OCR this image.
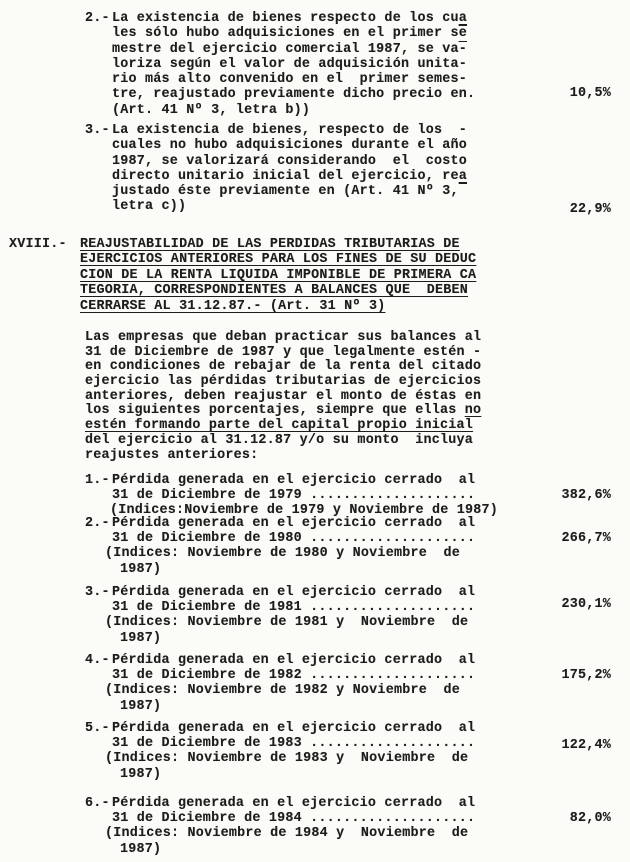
2.- La existencia de bienes respecto de los cua
les sólo hubo adquisiciones en el primer $s\overline{e}$
mestre del ejercicio comercial 1987, se va-
loriza según el valor de adquisición unita-
rio más alto convenido en el  primer semes-
tre, reajustado previamente dicho precio en.
(Art. 41 Nº 3, letra b))
10,5%
3.- La existencia de bienes, respecto de los  -
cuales no hubo adquisiciones durante el año
1987, se valorizará considerando  el  costo
directo unitario inicial del ejercicio, rea
justado éste previamente en (Art. 41 Nº 3,
letra c))	22,9%
XVIII.- REAJUSTABILIDAD DE LAS PERDIDAS TRIBUTARIAS DE
EJERCICIOS ANTERIORES PARA LOS FINES DE SU DEDUC
CION DE LA RENTA LIQUIDA IMPONIBLE DE PRIMERA CA
TEGORIA, CORRESPONDIENTES A BALANCES QUE  DEBEN
CERRARSE AL 31.12.87.- (Art. 31 Nº 3)
Las empresas que deban practicar sus balances al
31 de Diciembre de 1987 y que legalmente estén -
en condiciones de rebajar de la renta del citado
ejercicio las pérdidas tributarias de ejercicios
anteriores, deben reajustar el monto de éstas en
los siguientes porcentajes, siempre que ellas no
estén formando parte del capital propio inicial
del ejercicio al 31.12.87 y/o su monto  incluya
reajustes anteriores:
1.- Pérdida generada en el ejercicio cerrado  al
31 de Diciembre de 1979 ....................
(Indices:Noviembre de 1979 y Noviembre de 1987)
382,6%
2.- Pérdida generada en el ejercicio cerrado  al
31 de Diciembre de 1980 ....................
(Indices: Noviembre de 1980 y Noviembre  de
1987)
266,7%
3.- Pérdida generada en el ejercicio cerrado  al
31 de Diciembre de 1981 ....................
(Indices: Noviembre de 1981 y  Noviembre  de
1987)
230,1%
4.- Pérdida generada en el ejercicio cerrado  al
31 de Diciembre de 1982 ....................
(Indices: Noviembre de 1982 y Noviembre  de
1987)
175,2%
5.- Pérdida generada en el ejercicio cerrado  al
31 de Diciembre de 1983 ....................
(Indices: Noviembre de 1983 y  Noviembre  de
1987)
122,4%
6.- Pérdida generada en el ejercicio cerrado  al
31 de Diciembre de 1984 ....................
(Indices: Noviembre de 1984 y  Noviembre  de
1987)
82,0%
